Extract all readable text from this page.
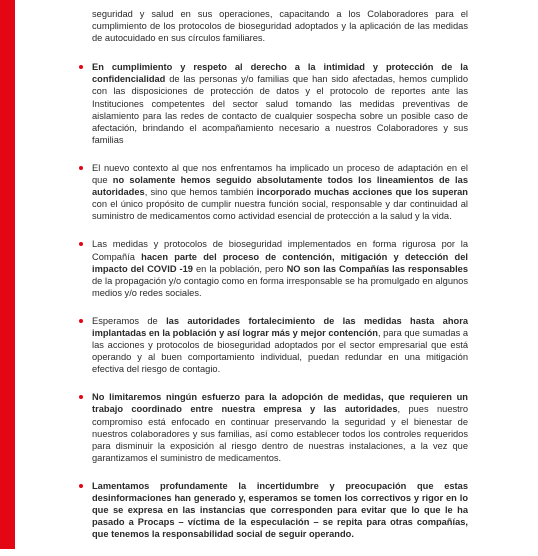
seguridad y salud en sus operaciones, capacitando a los Colaboradores para el cumplimiento de los protocolos de bioseguridad adoptados y la aplicación de las medidas de autocuidado en sus círculos familiares.
En cumplimiento y respeto al derecho a la intimidad y protección de la confidencialidad de las personas y/o familias que han sido afectadas, hemos cumplido con las disposiciones de protección de datos y el protocolo de reportes ante las Instituciones competentes del sector salud tomando las medidas preventivas de aislamiento para las redes de contacto de cualquier sospecha sobre un posible caso de afectación, brindando el acompañamiento necesario a nuestros Colaboradores y sus familias
El nuevo contexto al que nos enfrentamos ha implicado un proceso de adaptación en el que no solamente hemos seguido absolutamente todos los lineamientos de las autoridades, sino que hemos también incorporado muchas acciones que los superan con el único propósito de cumplir nuestra función social, responsable y dar continuidad al suministro de medicamentos como actividad esencial de protección a la salud y la vida.
Las medidas y protocolos de bioseguridad implementados en forma rigurosa por la Compañía hacen parte del proceso de contención, mitigación y detección del impacto del COVID -19 en la población, pero NO son las Compañías las responsables de la propagación y/o contagio como en forma irresponsable se ha promulgado en algunos medios y/o redes sociales.
Esperamos de las autoridades fortalecimiento de las medidas hasta ahora implantadas en la población y así lograr más y mejor contención, para que sumadas a las acciones y protocolos de bioseguridad adoptados por el sector empresarial que está operando y al buen comportamiento individual, puedan redundar en una mitigación efectiva del riesgo de contagio.
No limitaremos ningún esfuerzo para la adopción de medidas, que requieren un trabajo coordinado entre nuestra empresa y las autoridades, pues nuestro compromiso está enfocado en continuar preservando la seguridad y el bienestar de nuestros colaboradores y sus familias, así como establecer todos los controles requeridos para disminuir la exposición al riesgo dentro de nuestras instalaciones, a la vez que garantizamos el suministro de medicamentos.
Lamentamos profundamente la incertidumbre y preocupación que estas desinformaciones han generado y, esperamos se tomen los correctivos y rigor en lo que se expresa en las instancias que corresponden para evitar que lo que le ha pasado a Procaps – víctima de la especulación – se repita para otras compañías, que tenemos la responsabilidad social de seguir operando.
